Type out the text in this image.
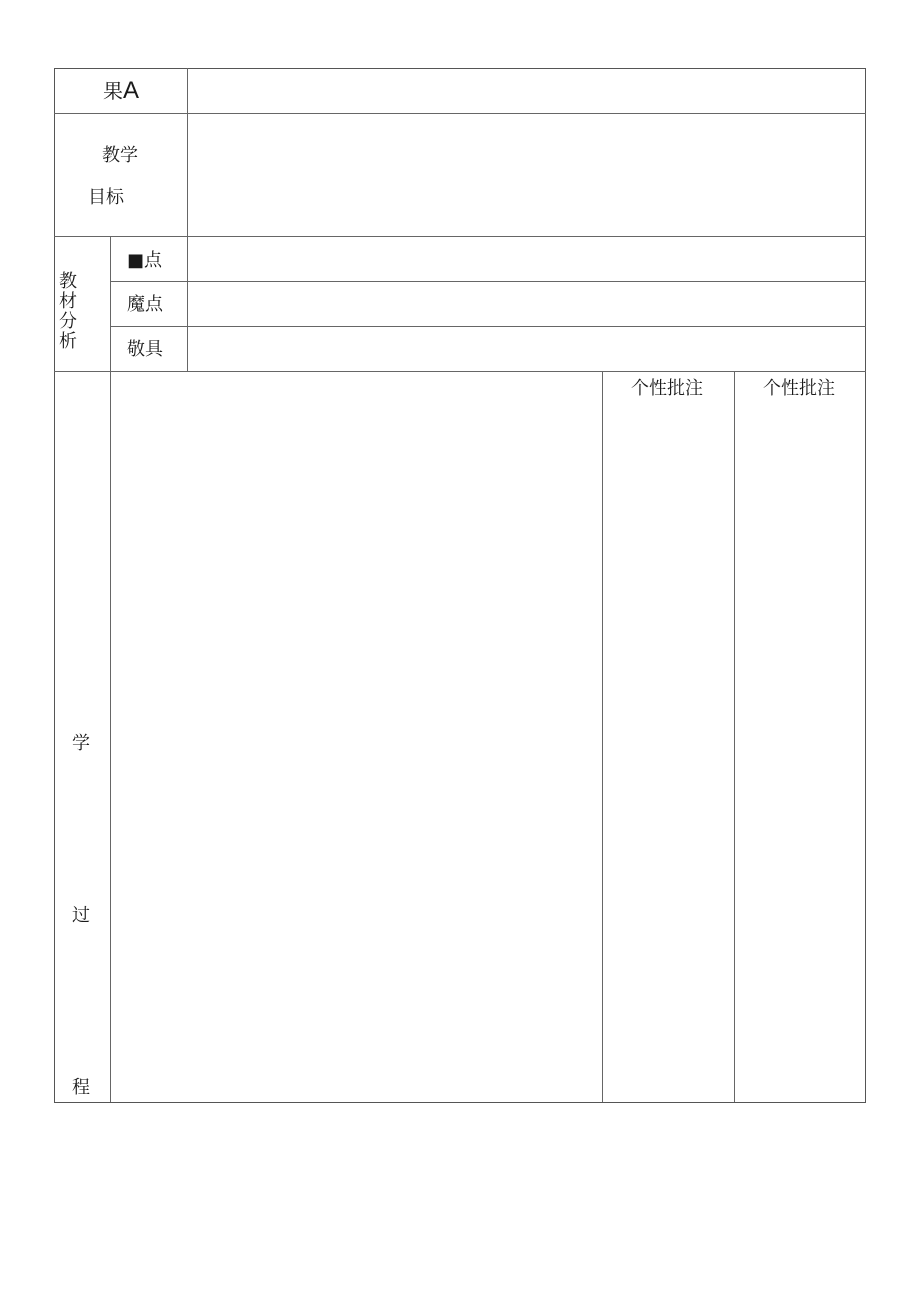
果A
教学
目标
教
材
分
析
■点
魔点
敬具
学
过
程
个性批注	个性批注
